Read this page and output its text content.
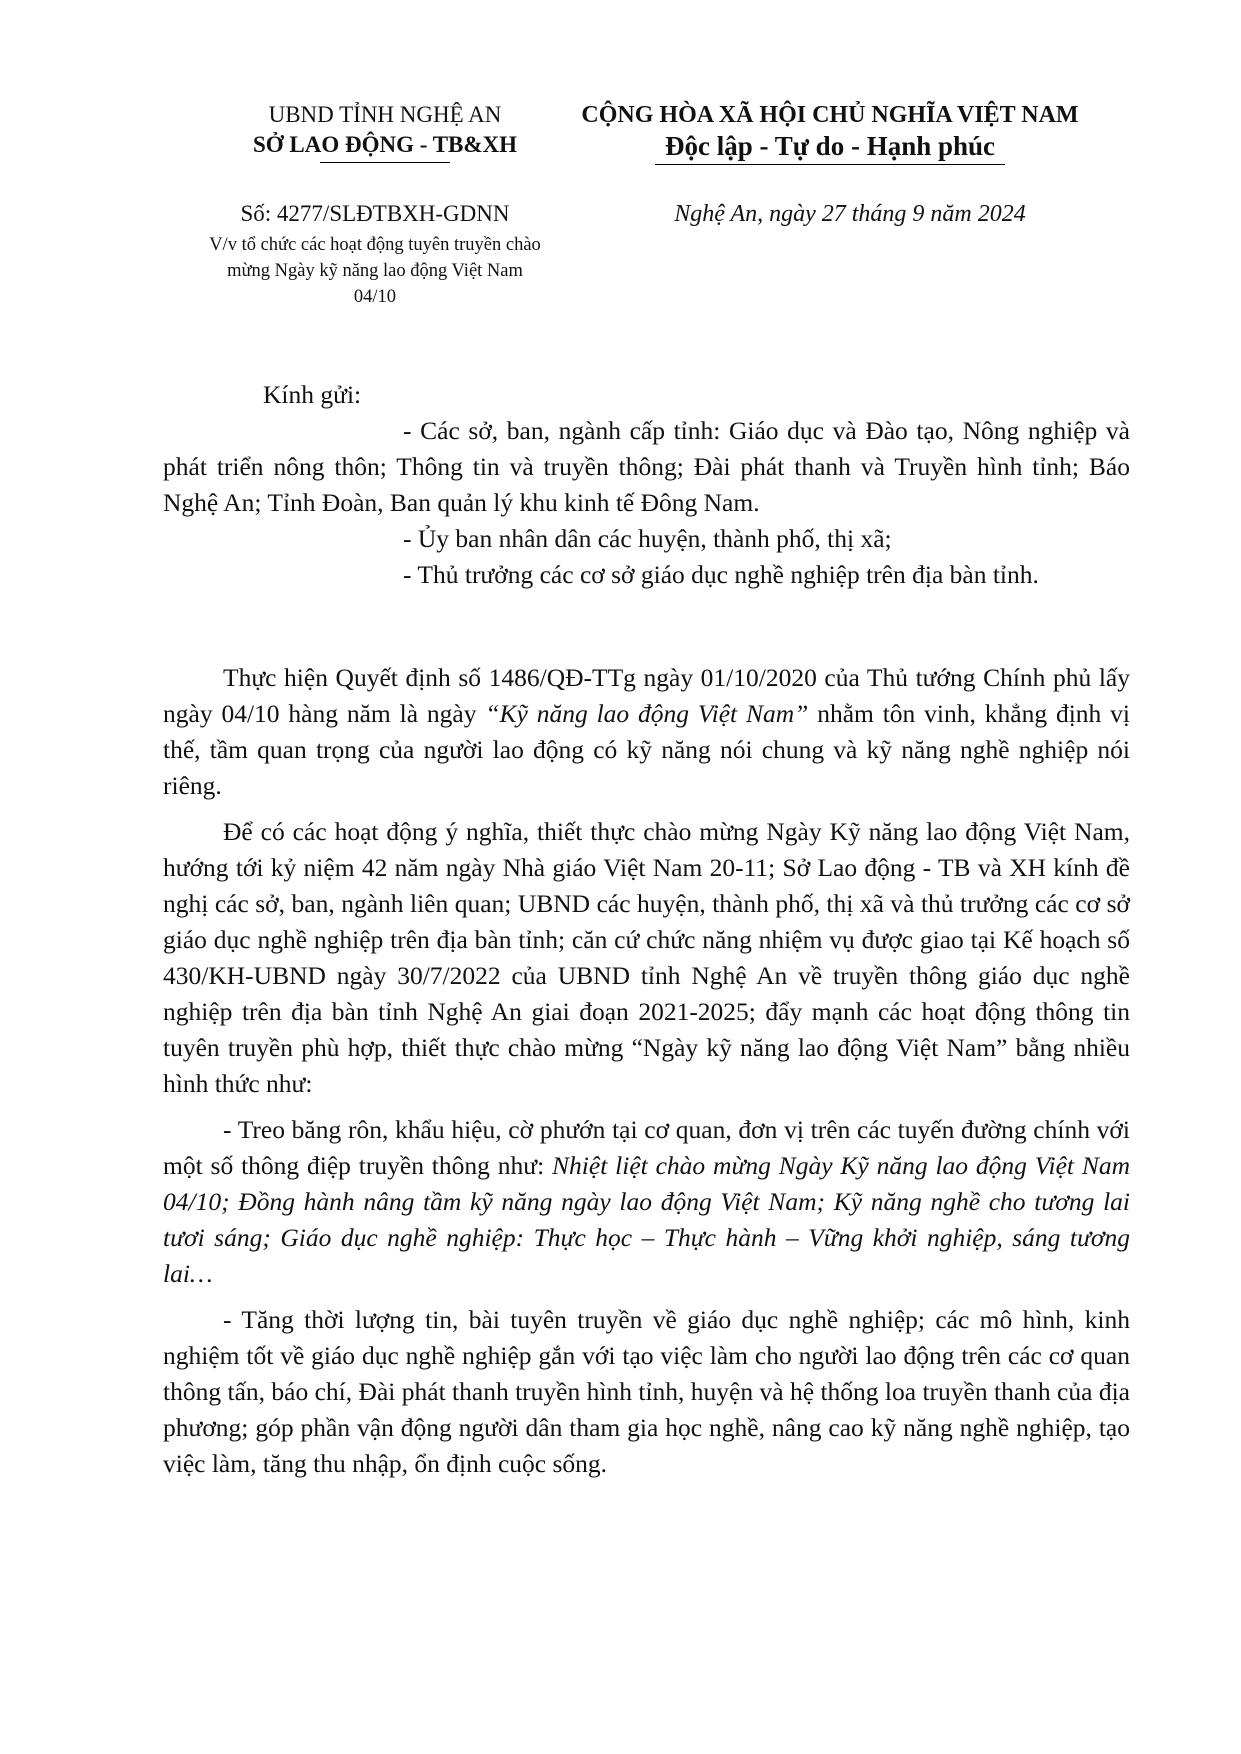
UBND TỈNH NGHỆ AN
SỞ LAO ĐỘNG - TB&XH
CỘNG HÒA XÃ HỘI CHỦ NGHĨA VIỆT NAM
Độc lập - Tự do - Hạnh phúc
Số: 4277/SLĐTBXH-GDNN
V/v tổ chức các hoạt động tuyên truyền chào mừng Ngày kỹ năng lao động Việt Nam 04/10
Nghệ An, ngày 27 tháng 9 năm 2024
Kính gửi:

- Các sở, ban, ngành cấp tỉnh: Giáo dục và Đào tạo, Nông nghiệp và phát triển nông thôn; Thông tin và truyền thông; Đài phát thanh và Truyền hình tỉnh; Báo Nghệ An; Tỉnh Đoàn, Ban quản lý khu kinh tế Đông Nam.

- Ủy ban nhân dân các huyện, thành phố, thị xã;

- Thủ trưởng các cơ sở giáo dục nghề nghiệp trên địa bàn tỉnh.

Thực hiện Quyết định số 1486/QĐ-TTg ngày 01/10/2020 của Thủ tướng Chính phủ lấy ngày 04/10 hàng năm là ngày “Kỹ năng lao động Việt Nam” nhằm tôn vinh, khẳng định vị thế, tầm quan trọng của người lao động có kỹ năng nói chung và kỹ năng nghề nghiệp nói riêng.

Để có các hoạt động ý nghĩa, thiết thực chào mừng Ngày Kỹ năng lao động Việt Nam, hướng tới kỷ niệm 42 năm ngày Nhà giáo Việt Nam 20-11; Sở Lao động - TB và XH kính đề nghị các sở, ban, ngành liên quan; UBND các huyện, thành phố, thị xã và thủ trưởng các cơ sở giáo dục nghề nghiệp trên địa bàn tỉnh; căn cứ chức năng nhiệm vụ được giao tại Kế hoạch số 430/KH-UBND ngày 30/7/2022 của UBND tỉnh Nghệ An về truyền thông giáo dục nghề nghiệp trên địa bàn tỉnh Nghệ An giai đoạn 2021-2025; đẩy mạnh các hoạt động thông tin tuyên truyền phù hợp, thiết thực chào mừng “Ngày kỹ năng lao động Việt Nam” bằng nhiều hình thức như:

- Treo băng rôn, khẩu hiệu, cờ phướn tại cơ quan, đơn vị trên các tuyến đường chính với một số thông điệp truyền thông như: Nhiệt liệt chào mừng Ngày Kỹ năng lao động Việt Nam 04/10; Đồng hành nâng tầm kỹ năng ngày lao động Việt Nam; Kỹ năng nghề cho tương lai tươi sáng; Giáo dục nghề nghiệp: Thực học – Thực hành – Vững khởi nghiệp, sáng tương lai…

- Tăng thời lượng tin, bài tuyên truyền về giáo dục nghề nghiệp; các mô hình, kinh nghiệm tốt về giáo dục nghề nghiệp gắn với tạo việc làm cho người lao động trên các cơ quan thông tấn, báo chí, Đài phát thanh truyền hình tỉnh, huyện và hệ thống loa truyền thanh của địa phương; góp phần vận động người dân tham gia học nghề, nâng cao kỹ năng nghề nghiệp, tạo việc làm, tăng thu nhập, ổn định cuộc sống.
